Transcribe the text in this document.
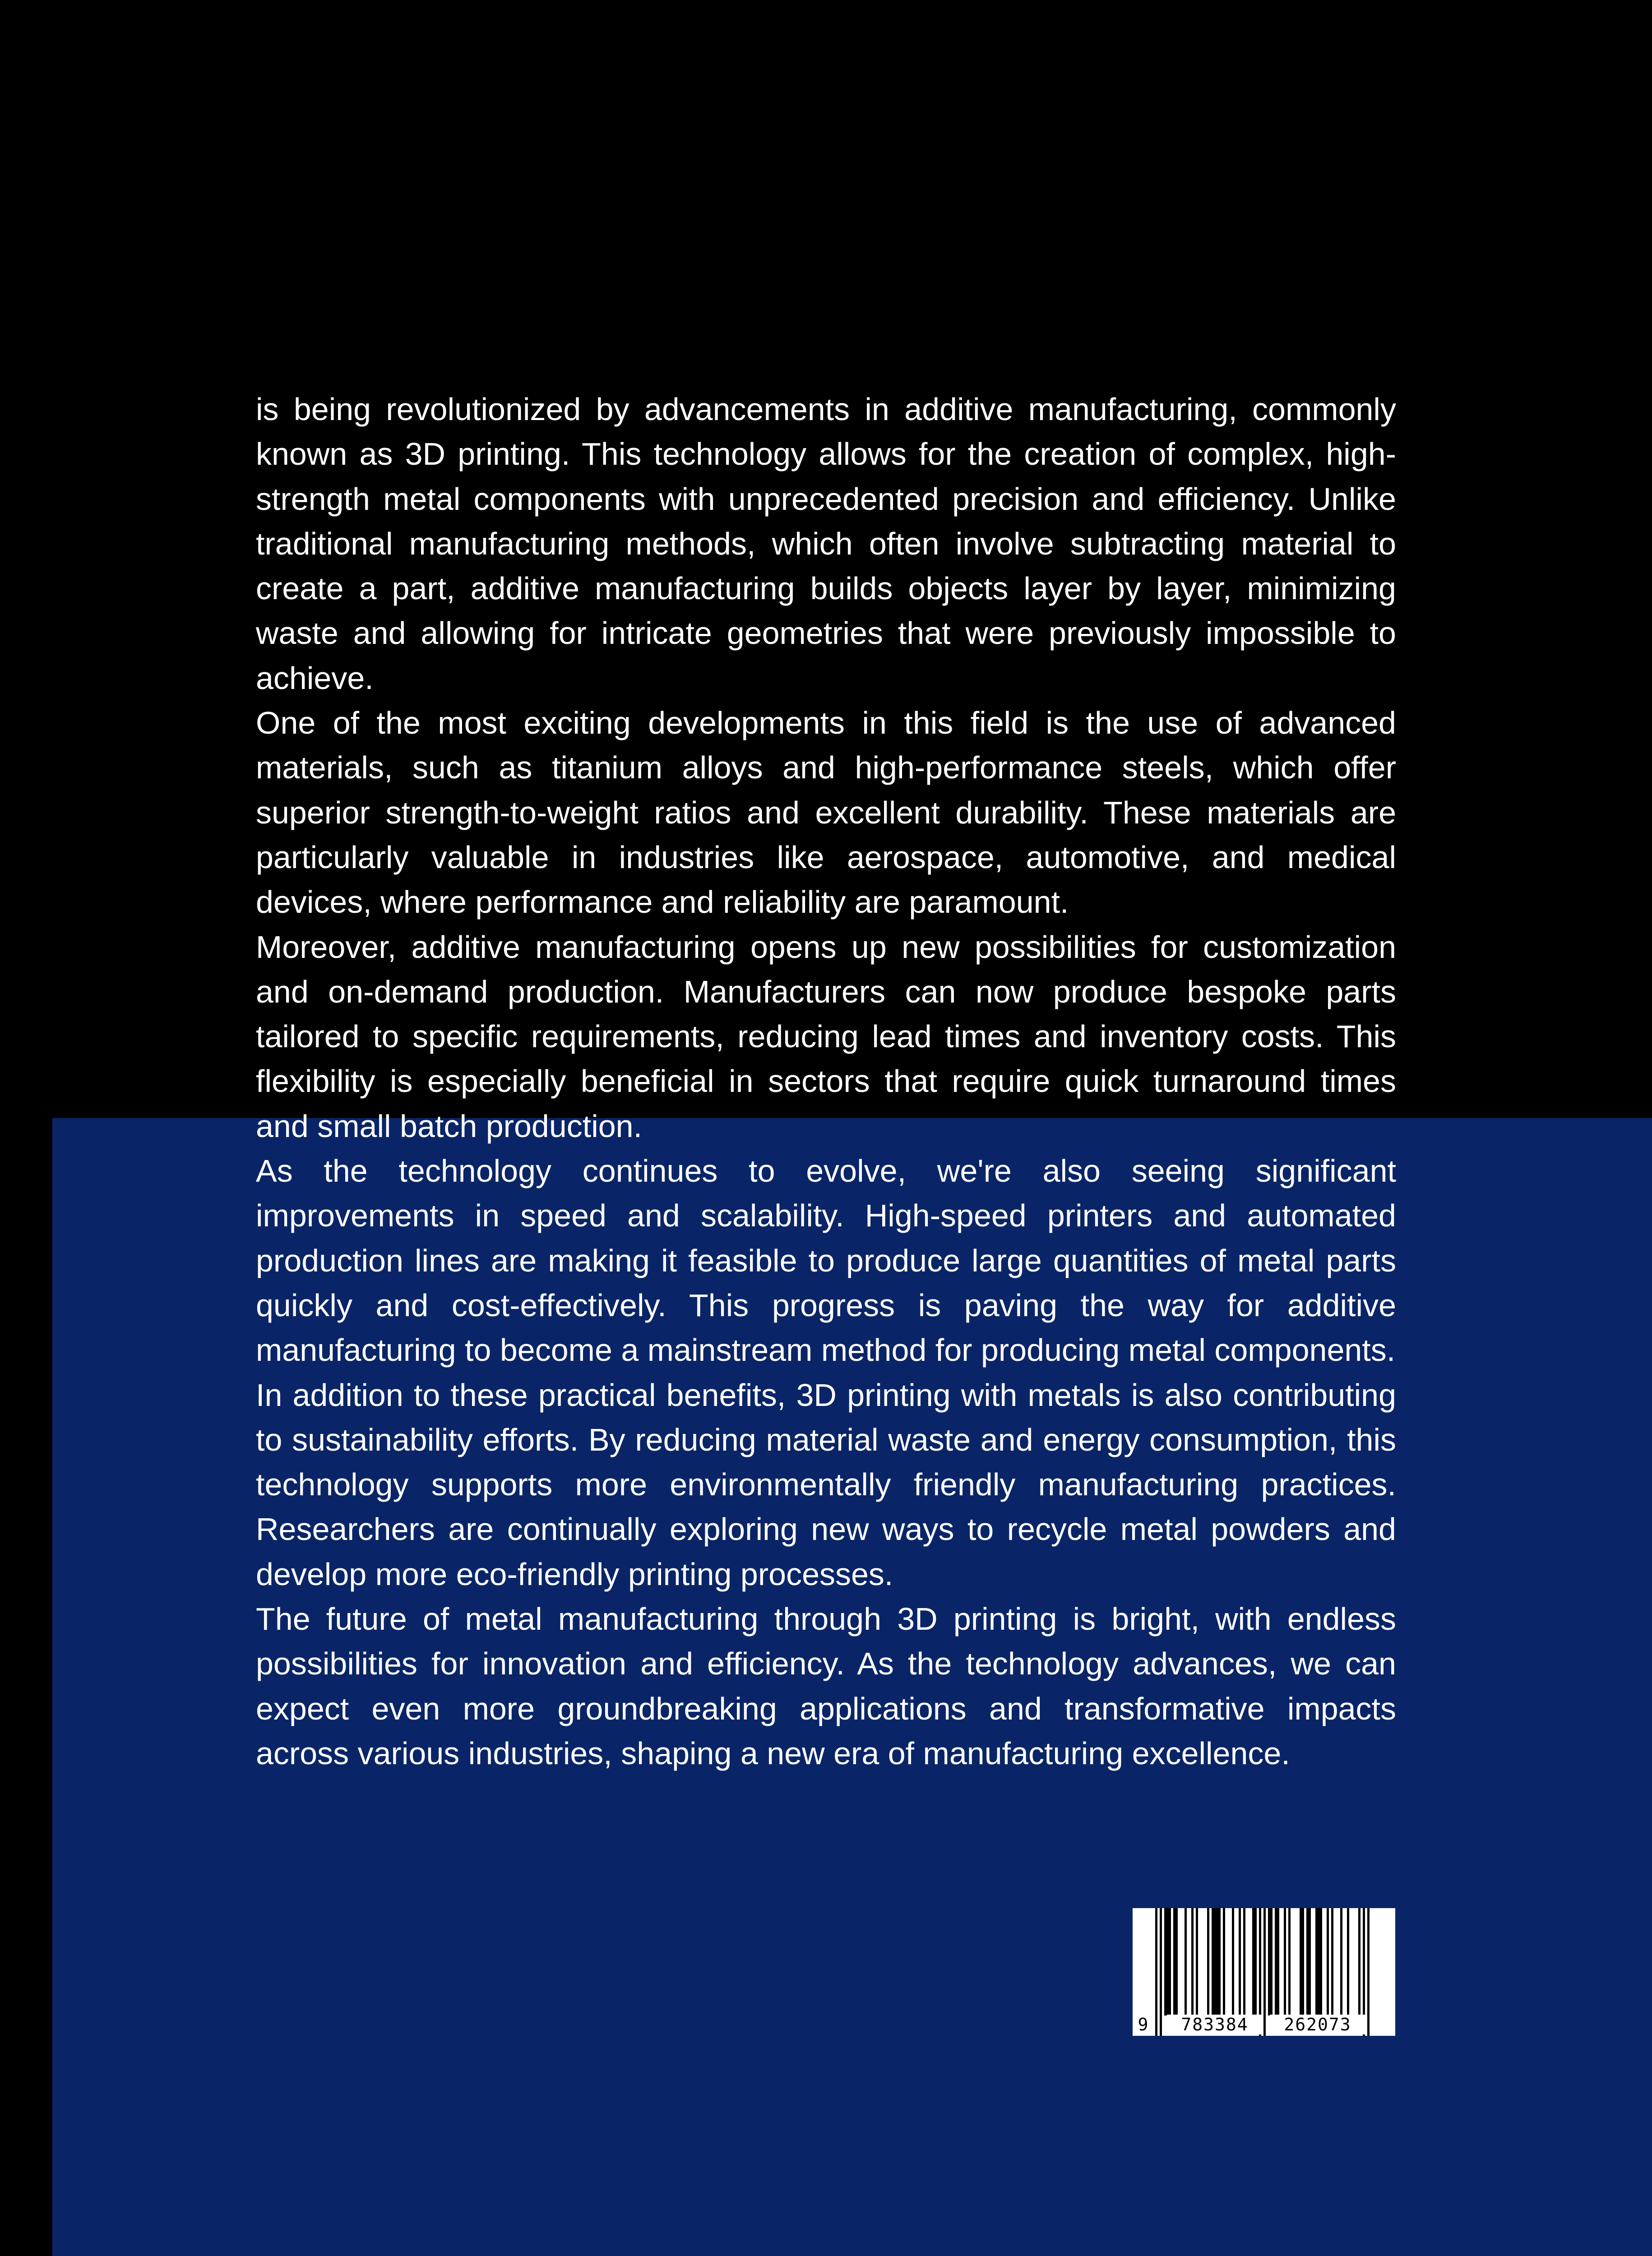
is being revolutionized by advancements in additive manufacturing, commonly known as 3D printing. This technology allows for the creation of complex, high-strength metal components with unprecedented precision and efficiency. Unlike traditional manufacturing methods, which often involve subtracting material to create a part, additive manufacturing builds objects layer by layer, minimizing waste and allowing for intricate geometries that were previously impossible to achieve.

One of the most exciting developments in this field is the use of advanced materials, such as titanium alloys and high-performance steels, which offer superior strength-to-weight ratios and excellent durability. These materials are particularly valuable in industries like aerospace, automotive, and medical devices, where performance and reliability are paramount.

Moreover, additive manufacturing opens up new possibilities for customization and on-demand production. Manufacturers can now produce bespoke parts tailored to specific requirements, reducing lead times and inventory costs. This flexibility is especially beneficial in sectors that require quick turnaround times and small batch production.

As the technology continues to evolve, we're also seeing significant improvements in speed and scalability. High-speed printers and automated production lines are making it feasible to produce large quantities of metal parts quickly and cost-effectively. This progress is paving the way for additive manufacturing to become a mainstream method for producing metal components.

In addition to these practical benefits, 3D printing with metals is also contributing to sustainability efforts. By reducing material waste and energy consumption, this technology supports more environmentally friendly manufacturing practices. Researchers are continually exploring new ways to recycle metal powders and develop more eco-friendly printing processes.

The future of metal manufacturing through 3D printing is bright, with endless possibilities for innovation and efficiency. As the technology advances, we can expect even more groundbreaking applications and transformative impacts across various industries, shaping a new era of manufacturing excellence.

9	783384	262073
